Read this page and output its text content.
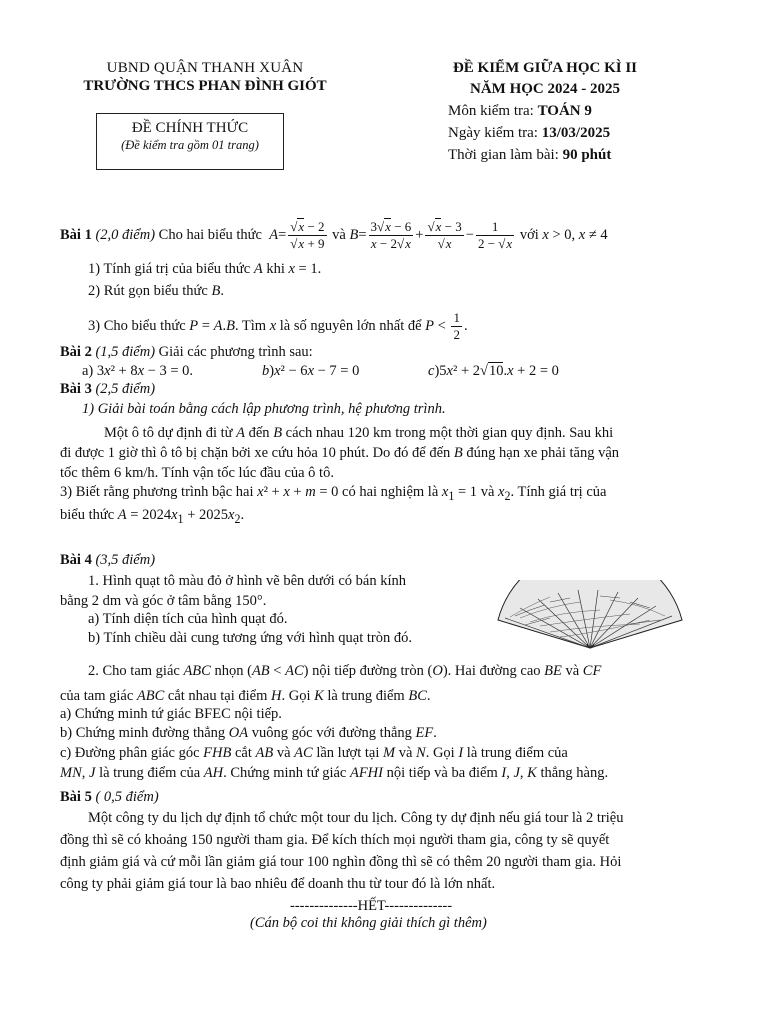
UBND QUẬN THANH XUÂN
TRƯỜNG THCS PHAN ĐÌNH GIÓT
ĐỀ CHÍNH THỨC
(Đề kiểm tra gồm 01 trang)
ĐỀ KIỂM GIỮA HỌC KÌ II
NĂM HỌC 2024 - 2025
Môn kiểm tra: TOÁN 9
Ngày kiểm tra: 13/03/2025
Thời gian làm bài: 90 phút
Bài 1 (2,0 điểm) Cho hai biểu thức  $A= \frac{√x - 2}{√x + 9}$ và $B= \frac{3√x - 6}{x - 2√x} + \frac{√x - 3}{√x} - \frac{1}{2 - √x}$ với x > 0, x ≠ 4
1) Tính giá trị của biểu thức A khi x = 1.
2) Rút gọn biểu thức B.
3) Cho biểu thức P = A.B. Tìm x là số nguyên lớn nhất để $P < \frac{1}{2}$ .
Bài 2 (1,5 điểm) Giải các phương trình sau:
a) 3x² + 8x − 3 = 0.	b)x² − 6x − 7 = 0	c)5x² + 2√10.x + 2 = 0
Bài 3 (2,5 điểm)
1) Giải bài toán bằng cách lập phương trình, hệ phương trình.
Một ô tô dự định đi từ A đến B cách nhau 120 km trong một thời gian quy định. Sau khi
đi được 1 giờ thì ô tô bị chặn bởi xe cứu hỏa 10 phút. Do đó để đến B đúng hạn xe phải tăng vận
tốc thêm 6 km/h. Tính vận tốc lúc đầu của ô tô.
3) Biết rằng phương trình bậc hai x² + x + m = 0 có hai nghiệm là $x_1 = 1$ và $x_2$. Tính giá trị của
biểu thức $A = 2024x_1 + 2025x_2$.
Bài 4 (3,5 điểm)
1. Hình quạt tô màu đỏ ở hình vẽ bên dưới có bán kính
bằng 2 dm và góc ở tâm bằng 150°.
a) Tính diện tích của hình quạt đó.
b) Tính chiều dài cung tương ứng với hình quạt tròn đó.
2. Cho tam giác ABC nhọn (AB < AC) nội tiếp đường tròn (O). Hai đường cao BE và CF
của tam giác ABC cắt nhau tại điểm H. Gọi K là trung điểm BC.
a) Chứng minh tứ giác BFEC nội tiếp.
b) Chứng minh đường thẳng OA vuông góc với đường thẳng EF.
c) Đường phân giác góc FHB cắt AB và AC lần lượt tại M và N. Gọi I là trung điểm của
MN, J là trung điểm của AH. Chứng minh tứ giác AFHI nội tiếp và ba điểm I, J, K thẳng hàng.
Bài 5 ( 0,5 điểm)
Một công ty du lịch dự định tổ chức một tour du lịch. Công ty dự định nếu giá tour là 2 triệu
đồng thì sẽ có khoảng 150 người tham gia. Để kích thích mọi người tham gia, công ty sẽ quyết
định giảm giá và cứ mỗi lần giảm giá tour 100 nghìn đồng thì sẽ có thêm 20 người tham gia. Hỏi
công ty phải giảm giá tour là bao nhiêu để doanh thu từ tour đó là lớn nhất.
--------------HẾT--------------
(Cán bộ coi thi không giải thích gì thêm)
